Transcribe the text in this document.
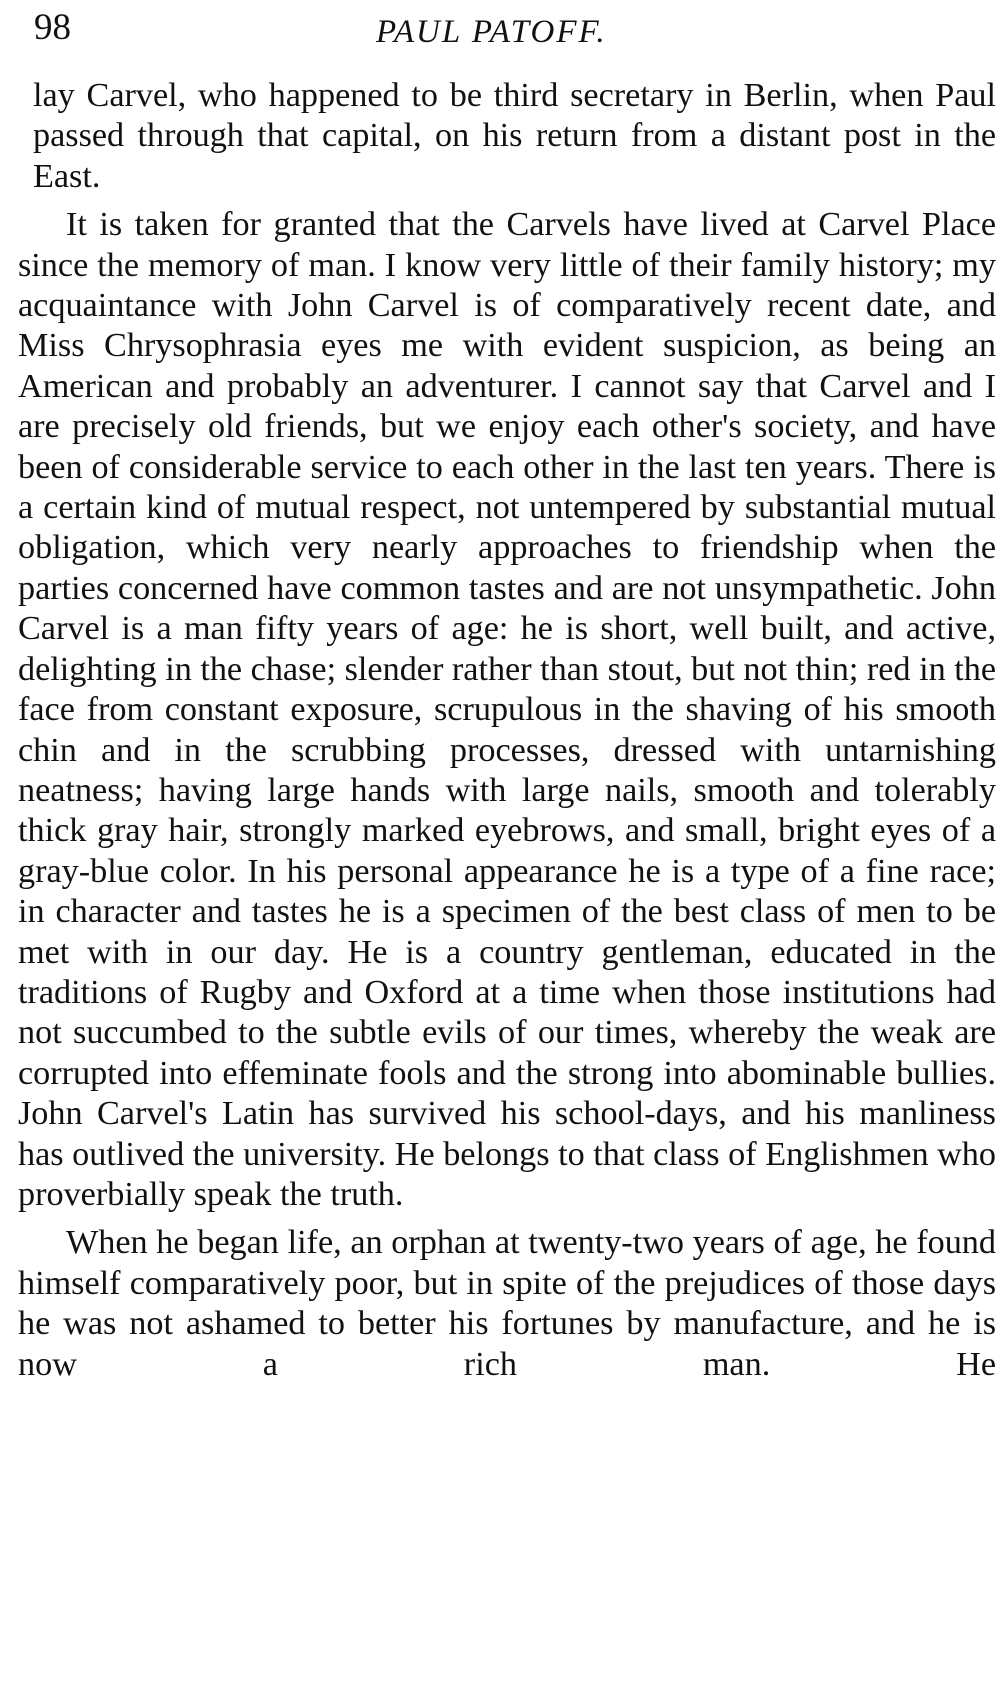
98	PAUL PATOFF.

lay Carvel, who happened to be third secretary in Berlin, when Paul passed through that capital, on his return from a distant post in the East.

It is taken for granted that the Carvels have lived at Carvel Place since the memory of man. I know very little of their family history; my acquaintance with John Carvel is of comparatively recent date, and Miss Chrysophrasia eyes me with evident suspicion, as being an American and probably an adventurer. I cannot say that Carvel and I are precisely old friends, but we enjoy each other's society, and have been of considerable service to each other in the last ten years. There is a certain kind of mutual respect, not untempered by substantial mutual obligation, which very nearly approaches to friendship when the parties concerned have common tastes and are not unsympathetic. John Carvel is a man fifty years of age: he is short, well built, and active, delighting in the chase; slender rather than stout, but not thin; red in the face from constant exposure, scrupulous in the shaving of his smooth chin and in the scrubbing processes, dressed with untarnishing neatness; having large hands with large nails, smooth and tolerably thick gray hair, strongly marked eyebrows, and small, bright eyes of a gray-blue color. In his personal appearance he is a type of a fine race; in character and tastes he is a specimen of the best class of men to be met with in our day. He is a country gentleman, educated in the traditions of Rugby and Oxford at a time when those institutions had not succumbed to the subtle evils of our times, whereby the weak are corrupted into effeminate fools and the strong into abominable bullies. John Carvel's Latin has survived his school-days, and his manliness has outlived the university. He belongs to that class of Englishmen who proverbially speak the truth.

When he began life, an orphan at twenty-two years of age, he found himself comparatively poor, but in spite of the prejudices of those days he was not ashamed to better his fortunes by manufacture, and he is now a rich man. He
